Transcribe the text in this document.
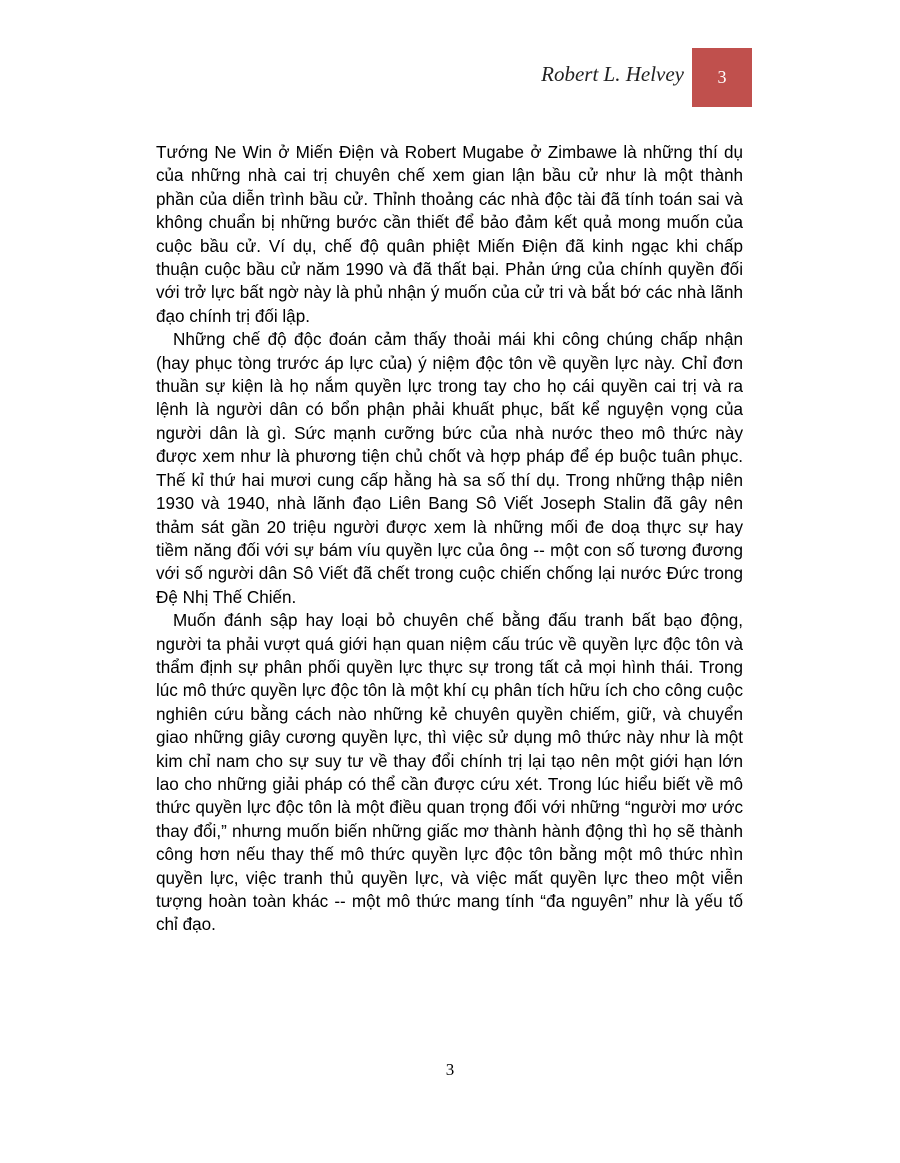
Robert L. Helvey 3

Tướng Ne Win ở Miến Điện và Robert Mugabe ở Zimbawe là những thí dụ của những nhà cai trị chuyên chế xem gian lận bầu cử như là một thành phần của diễn trình bầu cử. Thỉnh thoảng các nhà độc tài đã tính toán sai và không chuẩn bị những bước cần thiết để bảo đảm kết quả mong muốn của cuộc bầu cử. Ví dụ, chế độ quân phiệt Miến Điện đã kinh ngạc khi chấp thuận cuộc bầu cử năm 1990 và đã thất bại. Phản ứng của chính quyền đối với trở lực bất ngờ này là phủ nhận ý muốn của cử tri và bắt bớ các nhà lãnh đạo chính trị đối lập.

Những chế độ độc đoán cảm thấy thoải mái khi công chúng chấp nhận (hay phục tòng trước áp lực của) ý niệm độc tôn về quyền lực này. Chỉ đơn thuần sự kiện là họ nắm quyền lực trong tay cho họ cái quyền cai trị và ra lệnh là người dân có bổn phận phải khuất phục, bất kể nguyện vọng của người dân là gì. Sức mạnh cưỡng bức của nhà nước theo mô thức này được xem như là phương tiện chủ chốt và hợp pháp để ép buộc tuân phục. Thế kỉ thứ hai mươi cung cấp hằng hà sa số thí dụ. Trong những thập niên 1930 và 1940, nhà lãnh đạo Liên Bang Sô Viết Joseph Stalin đã gây nên thảm sát gần 20 triệu người được xem là những mối đe doạ thực sự hay tiềm năng đối với sự bám víu quyền lực của ông -- một con số tương đương với số người dân Sô Viết đã chết trong cuộc chiến chống lại nước Đức trong Đệ Nhị Thế Chiến.

Muốn đánh sập hay loại bỏ chuyên chế bằng đấu tranh bất bạo động, người ta phải vượt quá giới hạn quan niệm cấu trúc về quyền lực độc tôn và thẩm định sự phân phối quyền lực thực sự trong tất cả mọi hình thái. Trong lúc mô thức quyền lực độc tôn là một khí cụ phân tích hữu ích cho công cuộc nghiên cứu bằng cách nào những kẻ chuyên quyền chiếm, giữ, và chuyển giao những giây cương quyền lực, thì việc sử dụng mô thức này như là một kim chỉ nam cho sự suy tư về thay đổi chính trị lại tạo nên một giới hạn lớn lao cho những giải pháp có thể cần được cứu xét. Trong lúc hiểu biết về mô thức quyền lực độc tôn là một điều quan trọng đối với những “người mơ ước thay đổi,” nhưng muốn biến những giấc mơ thành hành động thì họ sẽ thành công hơn nếu thay thế mô thức quyền lực độc tôn bằng một mô thức nhìn quyền lực, việc tranh thủ quyền lực, và việc mất quyền lực theo một viễn tượng hoàn toàn khác -- một mô thức mang tính “đa nguyên” như là yếu tố chỉ đạo.

3
